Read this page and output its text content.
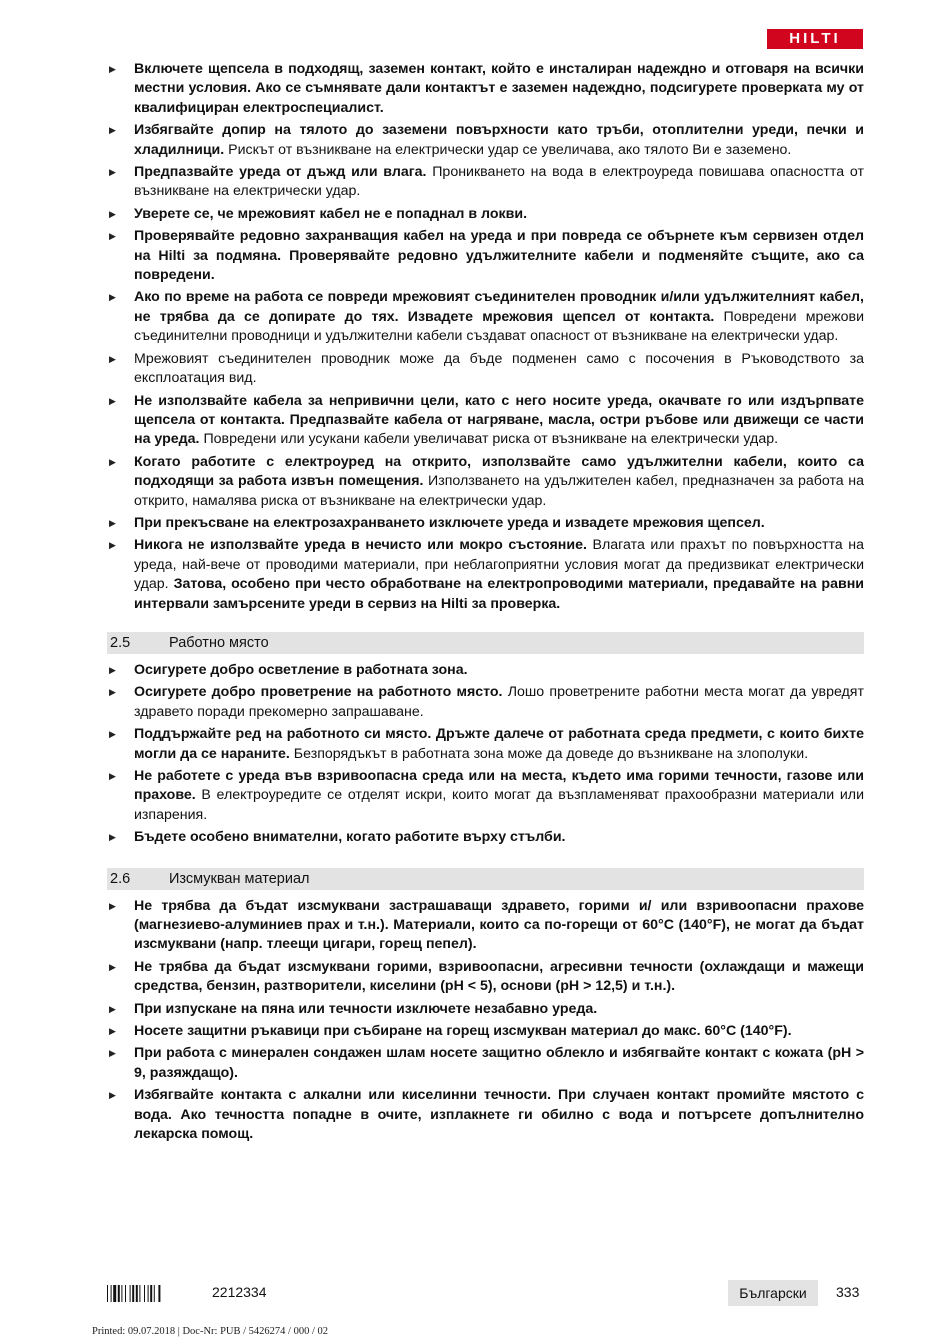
HILTI
▶ Включете щепсела в подходящ, заземен контакт, който е инсталиран надеждно и отговаря на всички местни условия. Ако се съмнявате дали контактът е заземен надеждно, подсигурете проверката му от квалифициран електроспециалист.
▶ Избягвайте допир на тялото до заземени повърхности като тръби, отоплителни уреди, печки и хладилници. Рискът от възникване на електрически удар се увеличава, ако тялото Ви е заземено.
▶ Предпазвайте уреда от дъжд или влага. Проникването на вода в електроуреда повишава опасността от възникване на електрически удар.
▶ Уверете се, че мрежовият кабел не е попаднал в локви.
▶ Проверявайте редовно захранващия кабел на уреда и при повреда се обърнете към сервизен отдел на Hilti за подмяна. Проверявайте редовно удължителните кабели и подменяйте същите, ако са повредени.
▶ Ако по време на работа се повреди мрежовият съединителен проводник и/или удължителният кабел, не трябва да се допирате до тях. Извадете мрежовия щепсел от контакта. Повредени мрежови съединителни проводници и удължителни кабели създават опасност от възникване на електрически удар.
▶ Мрежовият съединителен проводник може да бъде подменен само с посочения в Ръководството за експлоатация вид.
▶ Не използвайте кабела за непривични цели, като с него носите уреда, окачвате го или издърпвате щепсела от контакта. Предпазвайте кабела от нагряване, масла, остри ръбове или движещи се части на уреда. Повредени или усукани кабели увеличават риска от възникване на електрически удар.
▶ Когато работите с електроуред на открито, използвайте само удължителни кабели, които са подходящи за работа извън помещения. Използването на удължителен кабел, предназначен за работа на открито, намалява риска от възникване на електрически удар.
▶ При прекъсване на електрозахранването изключете уреда и извадете мрежовия щепсел.
▶ Никога не използвайте уреда в нечисто или мокро състояние. Влагата или прахът по повърхността на уреда, най-вече от проводими материали, при неблагоприятни условия могат да предизвикат електрически удар. Затова, особено при често обработване на електропроводими материали, предавайте на равни интервали замърсените уреди в сервиз на Hilti за проверка.
2.5	Работно място
▶ Осигурете добро осветление в работната зона.
▶ Осигурете добро проветрение на работното място. Лошо проветрените работни места могат да увредят здравето поради прекомерно запрашаване.
▶ Поддържайте ред на работното си място. Дръжте далече от работната среда предмети, с които бихте могли да се нараните. Безпорядъкът в работната зона може да доведе до възникване на злополуки.
▶ Не работете с уреда във взривоопасна среда или на места, където има горими течности, газове или прахове. В електроуредите се отделят искри, които могат да възпламеняват прахообразни материали или изпарения.
▶ Бъдете особено внимателни, когато работите върху стълби.
2.6	Изсмукван материал
▶ Не трябва да бъдат изсмуквани застрашаващи здравето, горими и/ или взривоопасни прахове (магнезиево-алуминиев прах и т.н.). Материали, които са по-горещи от 60°C (140°F), не могат да бъдат изсмуквани (напр. тлеещи цигари, горещ пепел).
▶ Не трябва да бъдат изсмуквани горими, взривоопасни, агресивни течности (охлаждащи и мажещи средства, бензин, разтворители, киселини (pH < 5), основи (pH > 12,5) и т.н.).
▶ При изпускане на пяна или течности изключете незабавно уреда.
▶ Носете защитни ръкавици при събиране на горещ изсмукван материал до макс. 60°C (140°F).
▶ При работа с минерален сондажен шлам носете защитно облекло и избягвайте контакт с кожата (pH > 9, разяждащо).
▶ Избягвайте контакта с алкални или киселинни течности. При случаен контакт промийте мястото с вода. Ако течността попадне в очите, изплакнете ги обилно с вода и потърсете допълнително лекарска помощ.
2212334	Български	333
Printed: 09.07.2018 | Doc-Nr: PUB / 5426274 / 000 / 02
